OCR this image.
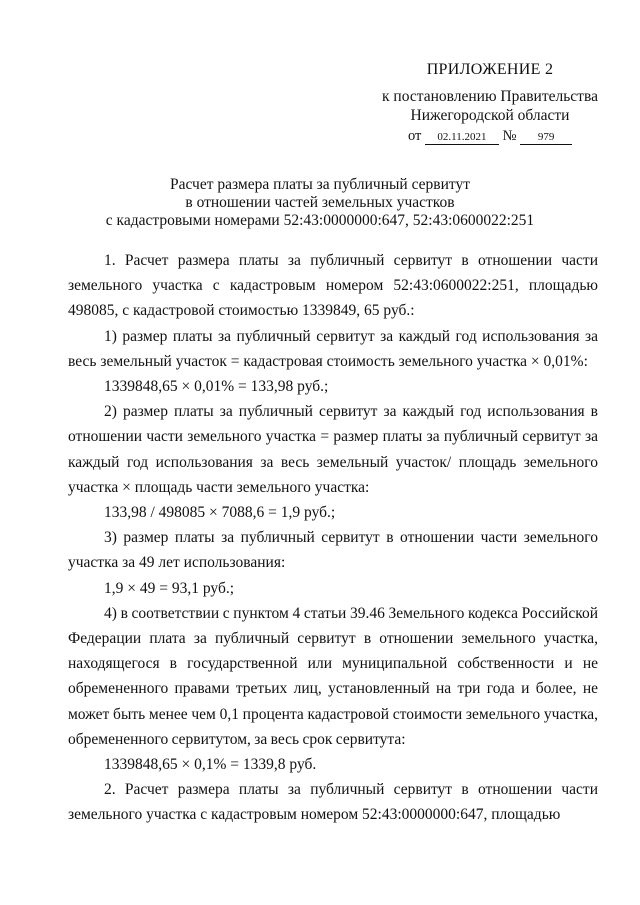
ПРИЛОЖЕНИЕ 2
к постановлению Правительства
Нижегородской области
от 02.11.2021 № 979
Расчет размера платы за публичный сервитут
в отношении частей земельных участков
с кадастровыми номерами 52:43:0000000:647, 52:43:0600022:251

1. Расчет размера платы за публичный сервитут в отношении части земельного участка с кадастровым номером 52:43:0600022:251, площадью 498085, с кадастровой стоимостью 1339849, 65 руб.:

1) размер платы за публичный сервитут за каждый год использования за весь земельный участок = кадастровая стоимость земельного участка × 0,01%:

1339848,65 × 0,01% = 133,98 руб.;

2) размер платы за публичный сервитут за каждый год использования в отношении части земельного участка = размер платы за публичный сервитут за каждый год использования за весь земельный участок/ площадь земельного участка × площадь части земельного участка:

133,98 / 498085 × 7088,6 = 1,9 руб.;

3) размер платы за публичный сервитут в отношении части земельного участка за 49 лет использования:

1,9 × 49 = 93,1 руб.;

4) в соответствии с пунктом 4 статьи 39.46 Земельного кодекса Российской Федерации плата за публичный сервитут в отношении земельного участка, находящегося в государственной или муниципальной собственности и не обремененного правами третьих лиц, установленный на три года и более, не может быть менее чем 0,1 процента кадастровой стоимости земельного участка, обремененного сервитутом, за весь срок сервитута:

1339848,65 × 0,1% = 1339,8 руб.

2. Расчет размера платы за публичный сервитут в отношении части земельного участка с кадастровым номером 52:43:0000000:647, площадью
